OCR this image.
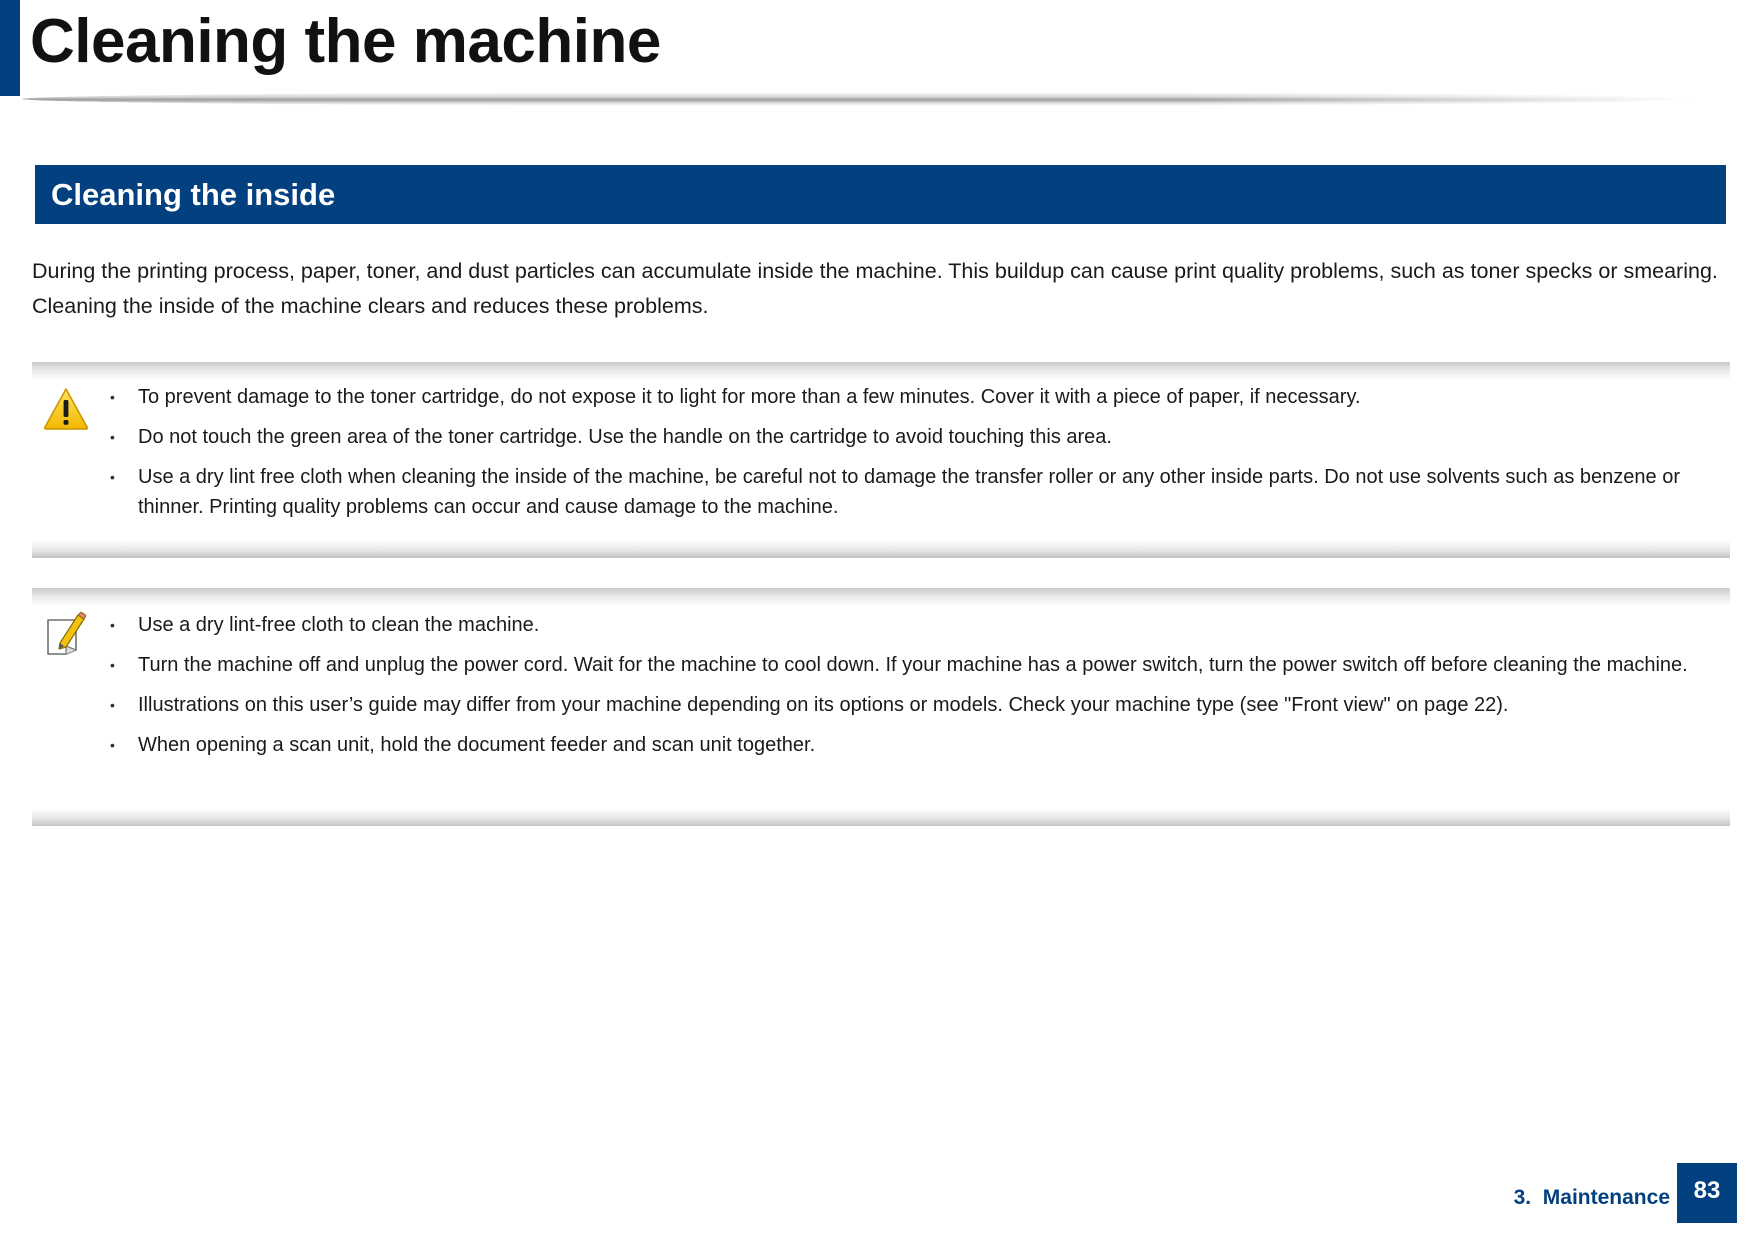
Cleaning the machine
Cleaning the inside

During the printing process, paper, toner, and dust particles can accumulate inside the machine. This buildup can cause print quality problems, such as toner specks or smearing. Cleaning the inside of the machine clears and reduces these problems.

• To prevent damage to the toner cartridge, do not expose it to light for more than a few minutes. Cover it with a piece of paper, if necessary.
• Do not touch the green area of the toner cartridge. Use the handle on the cartridge to avoid touching this area.
• Use a dry lint free cloth when cleaning the inside of the machine, be careful not to damage the transfer roller or any other inside parts. Do not use solvents such as benzene or thinner. Printing quality problems can occur and cause damage to the machine.
• Use a dry lint-free cloth to clean the machine.
• Turn the machine off and unplug the power cord. Wait for the machine to cool down. If your machine has a power switch, turn the power switch off before cleaning the machine.
• Illustrations on this user’s guide may differ from your machine depending on its options or models. Check your machine type (see "Front view" on page 22).
• When opening a scan unit, hold the document feeder and scan unit together.
3.  Maintenance 83
